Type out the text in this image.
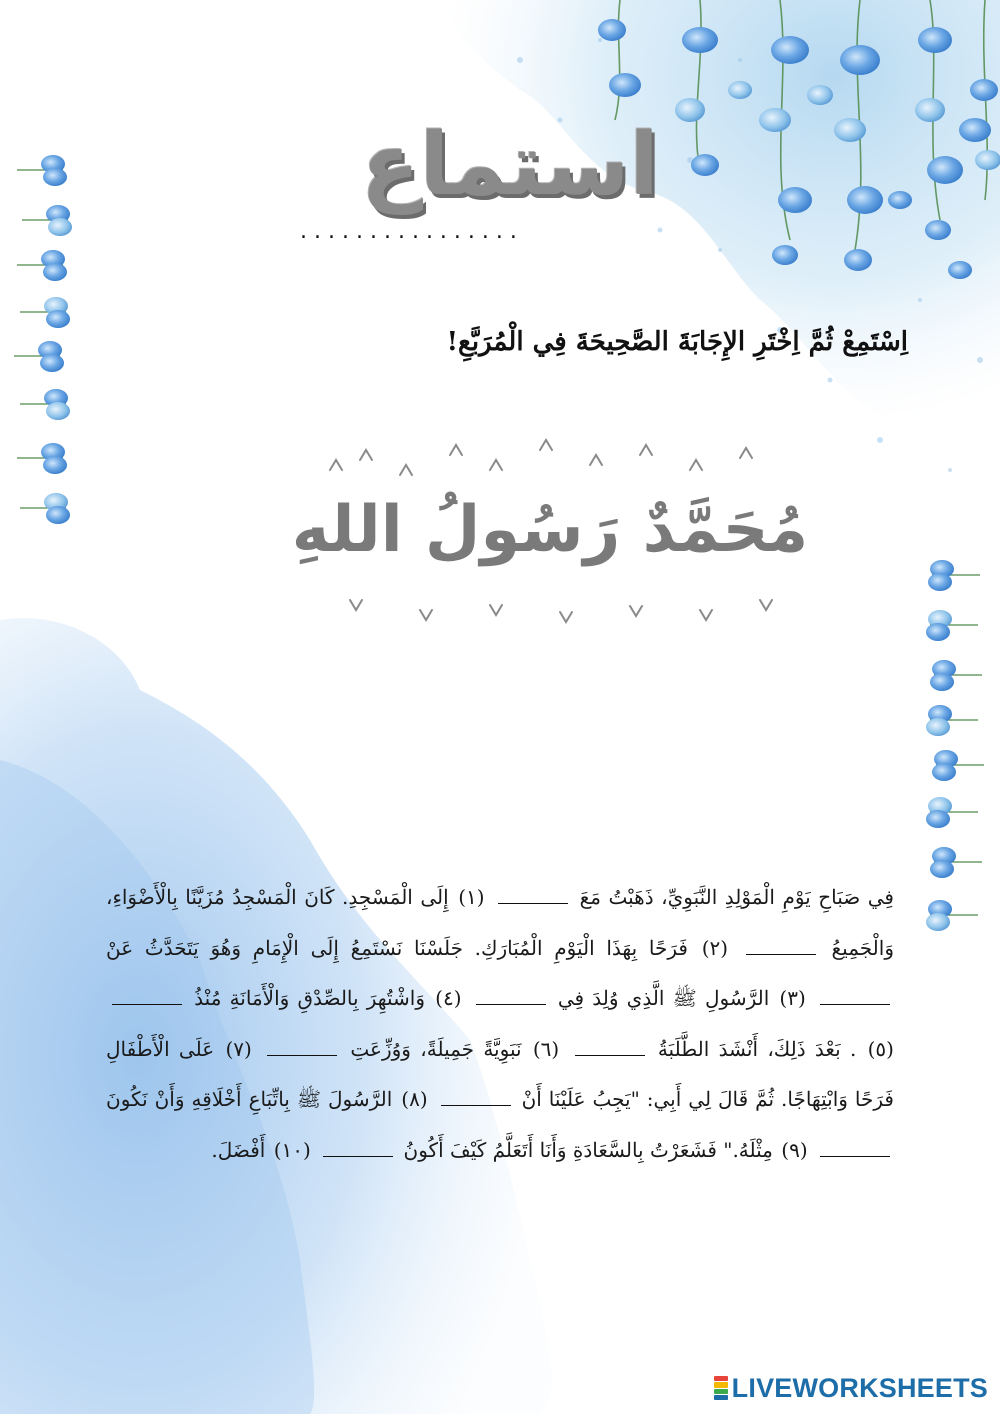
استماع
................
اِسْتَمِعْ ثُمَّ اِخْتَرِ الإِجَابَةَ الصَّحِيحَةَ فِي الْمُرَبَّعِ!
مُحَمَّدٌ رَسُولُ اللهِ
فِي صَبَاحِ يَوْمِ الْمَوْلِدِ النَّبَوِيِّ، ذَهَبْتُ مَعَ  (١) إِلَى الْمَسْجِدِ. كَانَ الْمَسْجِدُ مُزَيَّنًا بِالْأَضْوَاءِ، وَالْجَمِيعُ  (٢) فَرَحًا بِهَذَا الْيَوْمِ الْمُبَارَكِ. جَلَسْنَا نَسْتَمِعُ إِلَى الْإِمَامِ وَهُوَ يَتَحَدَّثُ عَنْ  (٣) الرَّسُولِ ﷺ الَّذِي وُلِدَ فِي  (٤) وَاشْتُهِرَ بِالصِّدْقِ وَالْأَمَانَةِ مُنْذُ  (٥) . بَعْدَ ذَلِكَ، أَنْشَدَ الطَّلَبَةُ  (٦) نَبَوِيَّةً جَمِيلَةً، وَوُزِّعَتِ  (٧) عَلَى الْأَطْفَالِ فَرَحًا وَابْتِهَاجًا. ثُمَّ قَالَ لِي أَبِي: "يَجِبُ عَلَيْنَا أَنْ  (٨) الرَّسُولَ ﷺ بِاتِّبَاعِ أَخْلَاقِهِ وَأَنْ نَكُونَ  (٩) مِثْلَهُ." فَشَعَرْتُ بِالسَّعَادَةِ وَأَنَا أَتَعَلَّمُ كَيْفَ أَكُونُ  (١٠) أَفْضَلَ.
LIVEWORKSHEETS
